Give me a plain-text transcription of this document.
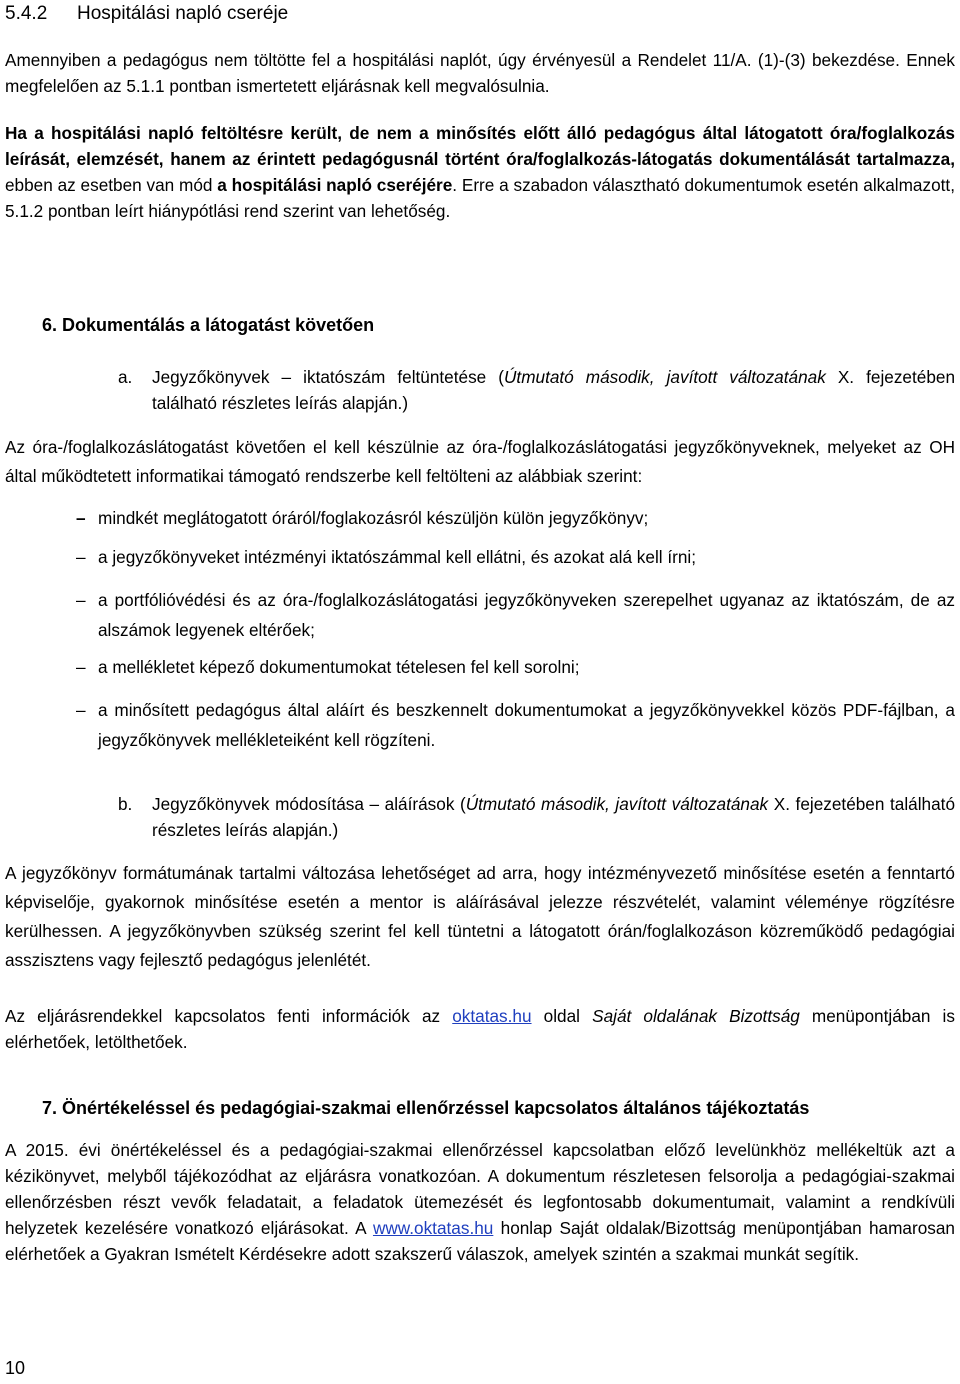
5.4.2 Hospitálási napló cseréje

Amennyiben a pedagógus nem töltötte fel a hospitálási naplót, úgy érvényesül a Rendelet 11/A. (1)-(3) bekezdése. Ennek megfelelően az 5.1.1 pontban ismertetett eljárásnak kell megvalósulnia.

Ha a hospitálási napló feltöltésre került, de nem a minősítés előtt álló pedagógus által látogatott óra/foglalkozás leírását, elemzését, hanem az érintett pedagógusnál történt óra/foglalkozás-látogatás dokumentálását tartalmazza, ebben az esetben van mód a hospitálási napló cseréjére. Erre a szabadon választható dokumentumok esetén alkalmazott, 5.1.2 pontban leírt hiánypótlási rend szerint van lehetőség.

6. Dokumentálás a látogatást követően
a.	Jegyzőkönyvek – iktatószám feltüntetése (Útmutató második, javított változatának X. fejezetében található részletes leírás alapján.)

Az óra-/foglalkozáslátogatást követően el kell készülnie az óra-/foglalkozáslátogatási jegyzőkönyveknek, melyeket az OH által működtetett informatikai támogató rendszerbe kell feltölteni az alábbiak szerint:

– mindkét meglátogatott óráról/foglakozásról készüljön külön jegyzőkönyv;
– a jegyzőkönyveket intézményi iktatószámmal kell ellátni, és azokat alá kell írni;
– a portfólióvédési és az óra-/foglalkozáslátogatási jegyzőkönyveken szerepelhet ugyanaz az iktatószám, de az alszámok legyenek eltérőek;
– a mellékletet képező dokumentumokat tételesen fel kell sorolni;
– a minősített pedagógus által aláírt és beszkennelt dokumentumokat a jegyzőkönyvekkel közös PDF-fájlban, a jegyzőkönyvek mellékleteiként kell rögzíteni.
b.	Jegyzőkönyvek módosítása – aláírások (Útmutató második, javított változatának X. fejezetében található részletes leírás alapján.)

A jegyzőkönyv formátumának tartalmi változása lehetőséget ad arra, hogy intézményvezető minősítése esetén a fenntartó képviselője, gyakornok minősítése esetén a mentor is aláírásával jelezze részvételét, valamint véleménye rögzítésre kerülhessen. A jegyzőkönyvben szükség szerint fel kell tüntetni a látogatott órán/foglalkozáson közreműködő pedagógiai asszisztens vagy fejlesztő pedagógus jelenlétét.

Az eljárásrendekkel kapcsolatos fenti információk az oktatas.hu oldal Saját oldalának Bizottság menüpontjában is elérhetőek, letölthetőek.

7. Önértékeléssel és pedagógiai-szakmai ellenőrzéssel kapcsolatos általános tájékoztatás

A 2015. évi önértékeléssel és a pedagógiai-szakmai ellenőrzéssel kapcsolatban előző levelünkhöz mellékeltük azt a kézikönyvet, melyből tájékozódhat az eljárásra vonatkozóan. A dokumentum részletesen felsorolja a pedagógiai-szakmai ellenőrzésben részt vevők feladatait, a feladatok ütemezését és legfontosabb dokumentumait, valamint a rendkívüli helyzetek kezelésére vonatkozó eljárásokat. A www.oktatas.hu honlap Saját oldalak/Bizottság menüpontjában hamarosan elérhetőek a Gyakran Ismételt Kérdésekre adott szakszerű válaszok, amelyek szintén a szakmai munkát segítik.

10
